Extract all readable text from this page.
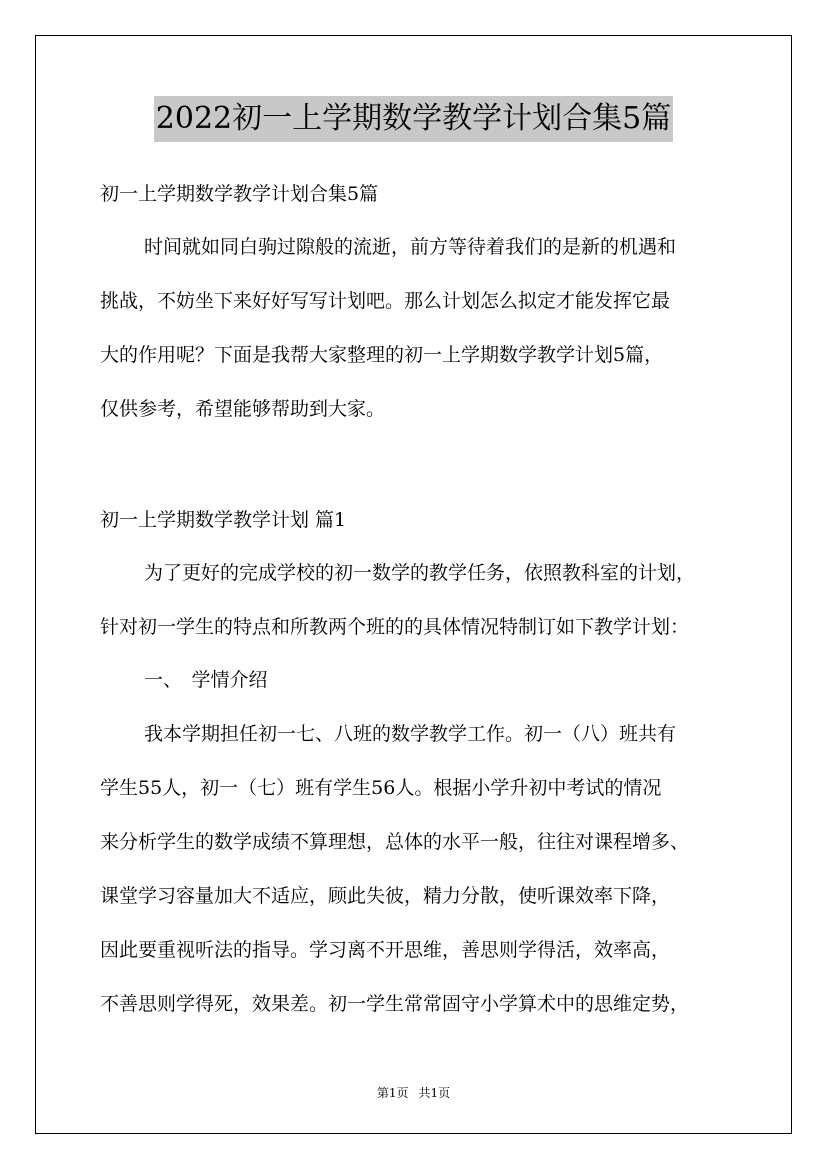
2022初一上学期数学教学计划合集5篇
初一上学期数学教学计划合集5篇
时间就如同白驹过隙般的流逝，前方等待着我们的是新的机遇和
挑战，不妨坐下来好好写写计划吧。那么计划怎么拟定才能发挥它最
大的作用呢？下面是我帮大家整理的初一上学期数学教学计划5篇，
仅供参考，希望能够帮助到大家。
初一上学期数学教学计划 篇1
为了更好的完成学校的初一数学的教学任务，依照教科室的计划，
针对初一学生的特点和所教两个班的的具体情况特制订如下教学计划：
一、　学情介绍
我本学期担任初一七、八班的数学教学工作。初一（八）班共有
学生55人，初一（七）班有学生56人。根据小学升初中考试的情况
来分析学生的数学成绩不算理想，总体的水平一般，往往对课程增多、
课堂学习容量加大不适应，顾此失彼，精力分散，使听课效率下降，
因此要重视听法的指导。学习离不开思维，善思则学得活，效率高，
不善思则学得死，效果差。初一学生常常固守小学算术中的思维定势，
第1页 共1页
